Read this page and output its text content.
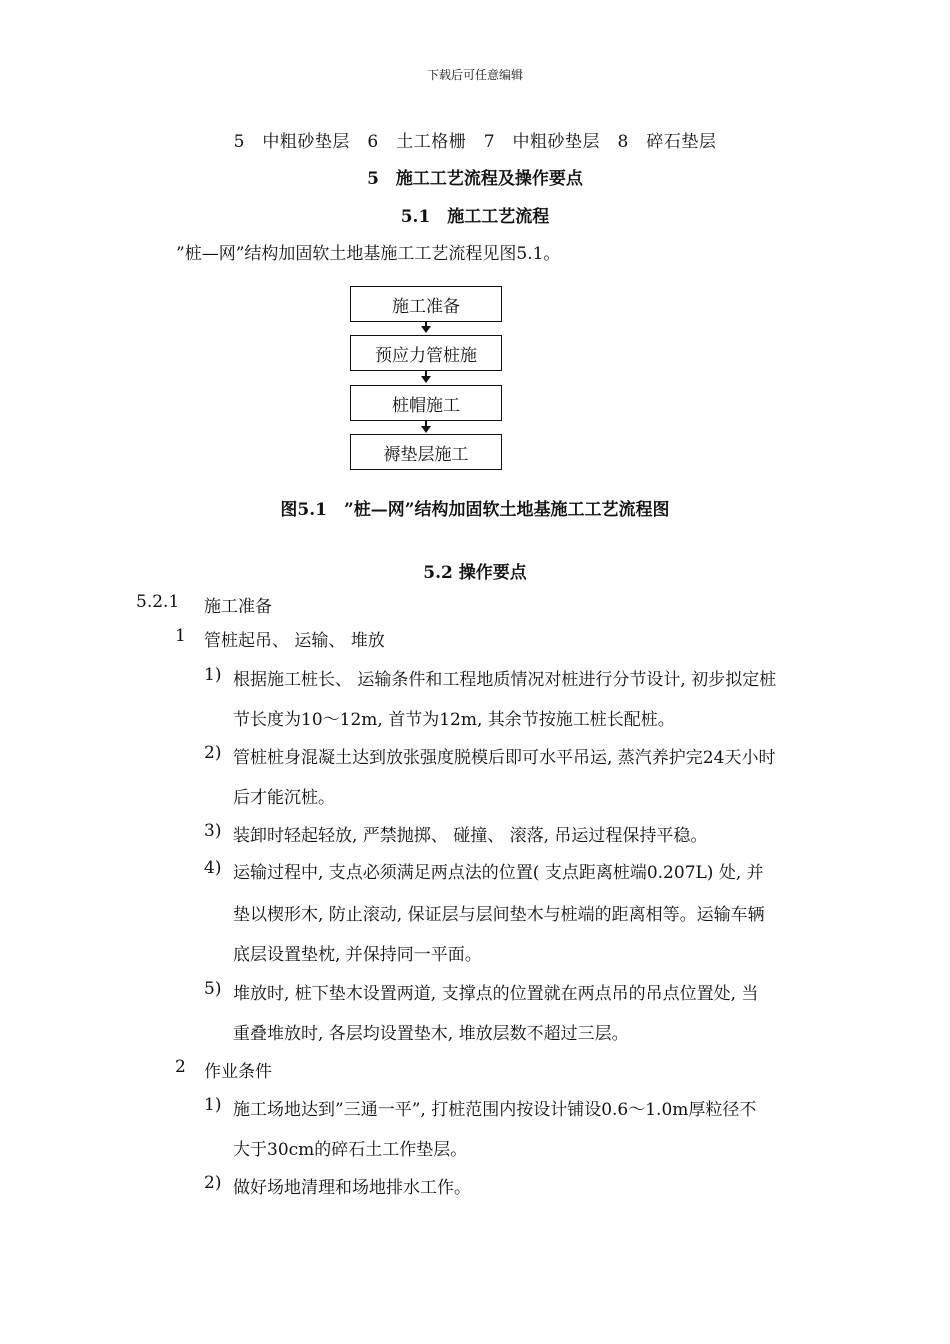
下载后可任意编辑
5　中粗砂垫层　6　土工格栅　7　中粗砂垫层　8　碎石垫层
5　施工工艺流程及操作要点
5.1　施工工艺流程
”桩—网”结构加固软土地基施工工艺流程见图5.1。
施工准备
预应力管桩施
桩帽施工
褥垫层施工
图5.1　”桩—网”结构加固软土地基施工工艺流程图
5.2 操作要点
5.2.1 施工准备
1 管桩起吊、 运输、 堆放
1) 根据施工桩长、 运输条件和工程地质情况对桩进行分节设计, 初步拟定桩
节长度为10～12m, 首节为12m, 其余节按施工桩长配桩。
2) 管桩桩身混凝土达到放张强度脱模后即可水平吊运, 蒸汽养护完24天小时
后才能沉桩。
3) 装卸时轻起轻放, 严禁抛掷、 碰撞、 滚落, 吊运过程保持平稳。
4) 运输过程中, 支点必须满足两点法的位置( 支点距离桩端0.207L) 处, 并
垫以楔形木, 防止滚动, 保证层与层间垫木与桩端的距离相等。运输车辆
底层设置垫枕, 并保持同一平面。
5) 堆放时, 桩下垫木设置两道, 支撑点的位置就在两点吊的吊点位置处, 当
重叠堆放时, 各层均设置垫木, 堆放层数不超过三层。
2 作业条件
1) 施工场地达到”三通一平”, 打桩范围内按设计铺设0.6～1.0m厚粒径不
大于30cm的碎石土工作垫层。
2) 做好场地清理和场地排水工作。
